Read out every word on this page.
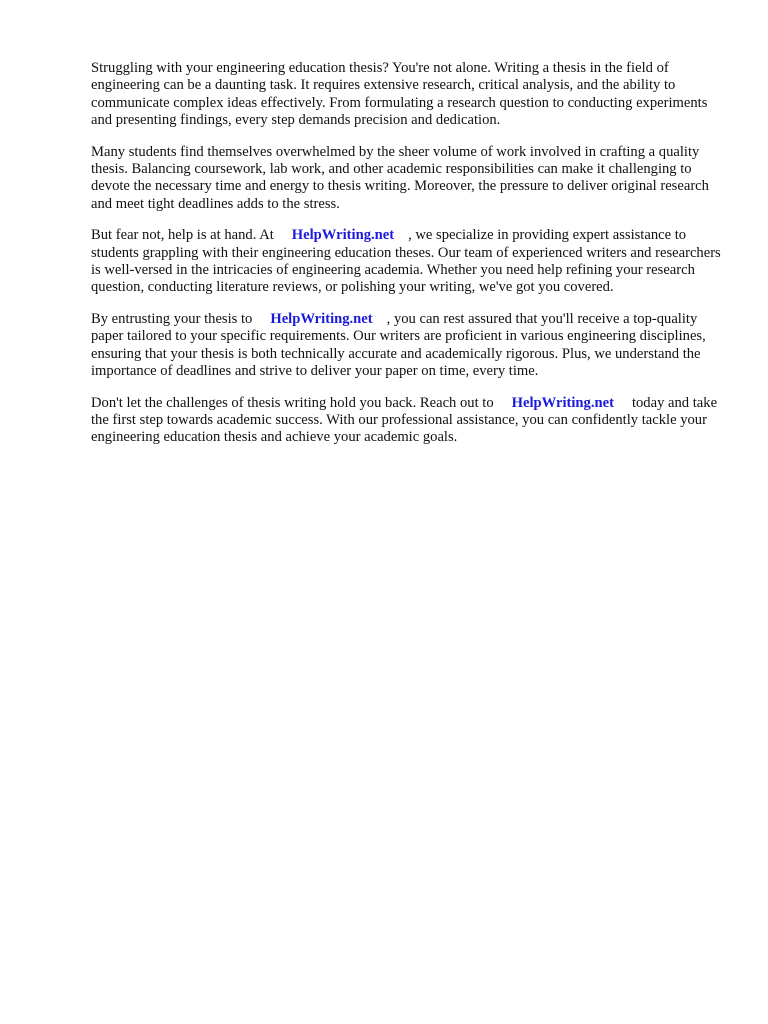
Struggling with your engineering education thesis? You're not alone. Writing a thesis in the field of engineering can be a daunting task. It requires extensive research, critical analysis, and the ability to communicate complex ideas effectively. From formulating a research question to conducting experiments and presenting findings, every step demands precision and dedication.

Many students find themselves overwhelmed by the sheer volume of work involved in crafting a quality thesis. Balancing coursework, lab work, and other academic responsibilities can make it challenging to devote the necessary time and energy to thesis writing. Moreover, the pressure to deliver original research and meet tight deadlines adds to the stress.

But fear not, help is at hand. At HelpWriting.net , we specialize in providing expert assistance to students grappling with their engineering education theses. Our team of experienced writers and researchers is well-versed in the intricacies of engineering academia. Whether you need help refining your research question, conducting literature reviews, or polishing your writing, we've got you covered.

By entrusting your thesis to HelpWriting.net , you can rest assured that you'll receive a top-quality paper tailored to your specific requirements. Our writers are proficient in various engineering disciplines, ensuring that your thesis is both technically accurate and academically rigorous. Plus, we understand the importance of deadlines and strive to deliver your paper on time, every time.

Don't let the challenges of thesis writing hold you back. Reach out to HelpWriting.net today and take the first step towards academic success. With our professional assistance, you can confidently tackle your engineering education thesis and achieve your academic goals.
